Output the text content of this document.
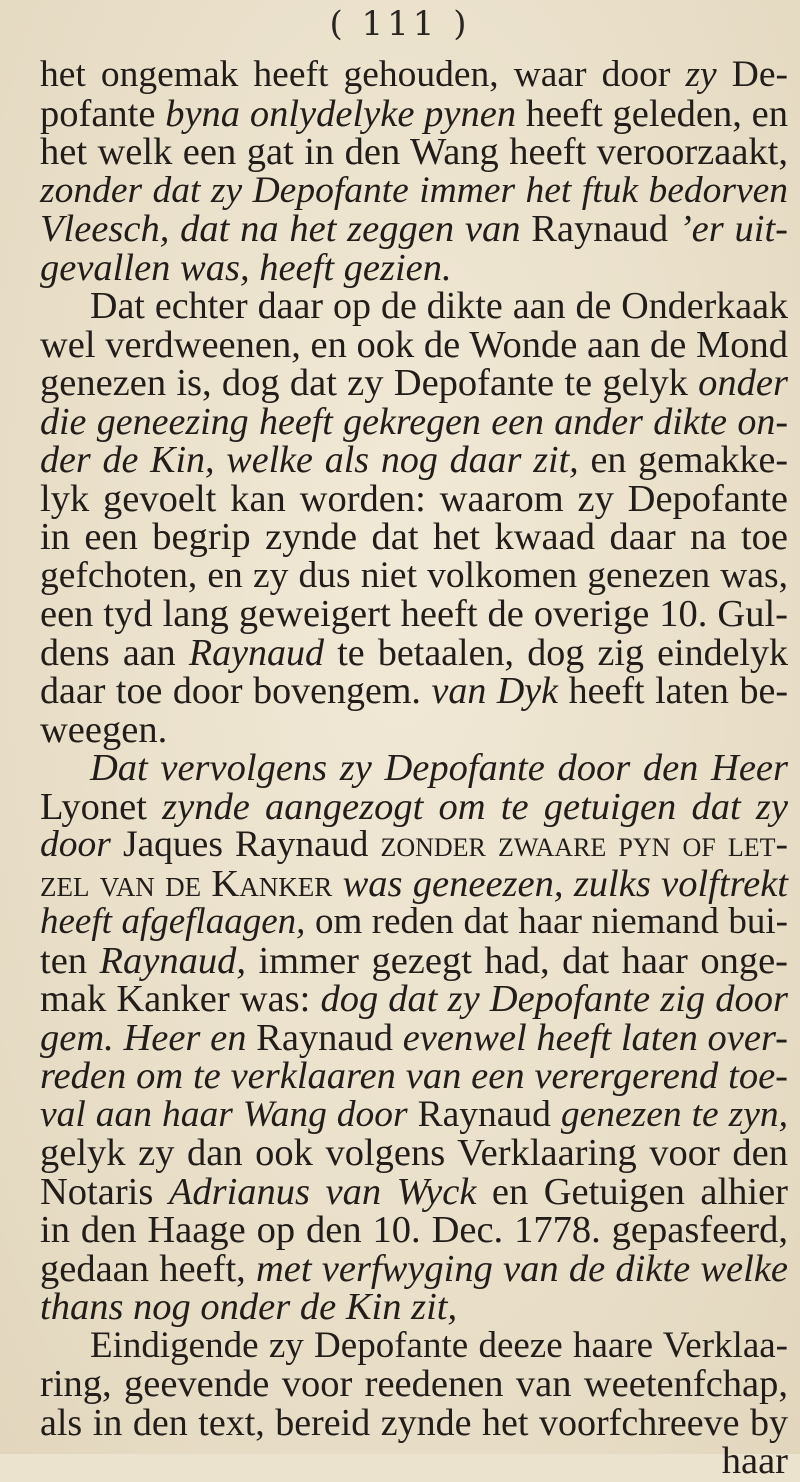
( 111 )
het ongemak heeft gehouden, waar door zy De-
pofante byna onlydelyke pynen heeft geleden, en
het welk een gat in den Wang heeft veroorzaakt,
zonder dat zy Depofante immer het ftuk bedorven
Vleesch, dat na het zeggen van Raynaud ’er uit-
gevallen was, heeft gezien.
Dat echter daar op de dikte aan de Onderkaak
wel verdweenen, en ook de Wonde aan de Mond
genezen is, dog dat zy Depofante te gelyk onder
die geneezing heeft gekregen een ander dikte on-
der de Kin, welke als nog daar zit, en gemakke-
lyk gevoelt kan worden: waarom zy Depofante
in een begrip zynde dat het kwaad daar na toe
gefchoten, en zy dus niet volkomen genezen was,
een tyd lang geweigert heeft de overige 10. Gul-
dens aan Raynaud te betaalen, dog zig eindelyk
daar toe door bovengem. van Dyk heeft laten be-
weegen.
Dat vervolgens zy Depofante door den Heer
Lyonet zynde aangezogt om te getuigen dat zy
door Jaques Raynaud zonder zwaare pyn of let-
zel van de Kanker was geneezen, zulks volftrekt
heeft afgeflaagen, om reden dat haar niemand bui-
ten Raynaud, immer gezegt had, dat haar onge-
mak Kanker was: dog dat zy Depofante zig door
gem. Heer en Raynaud evenwel heeft laten over-
reden om te verklaaren van een verergerend toe-
val aan haar Wang door Raynaud genezen te zyn,
gelyk zy dan ook volgens Verklaaring voor den
Notaris Adrianus van Wyck en Getuigen alhier
in den Haage op den 10. Dec. 1778. gepasfeerd,
gedaan heeft, met verfwyging van de dikte welke
thans nog onder de Kin zit,
Eindigende zy Depofante deeze haare Verklaa-
ring, geevende voor reedenen van weetenfchap,
als in den text, bereid zynde het voorfchreeve by
haar
